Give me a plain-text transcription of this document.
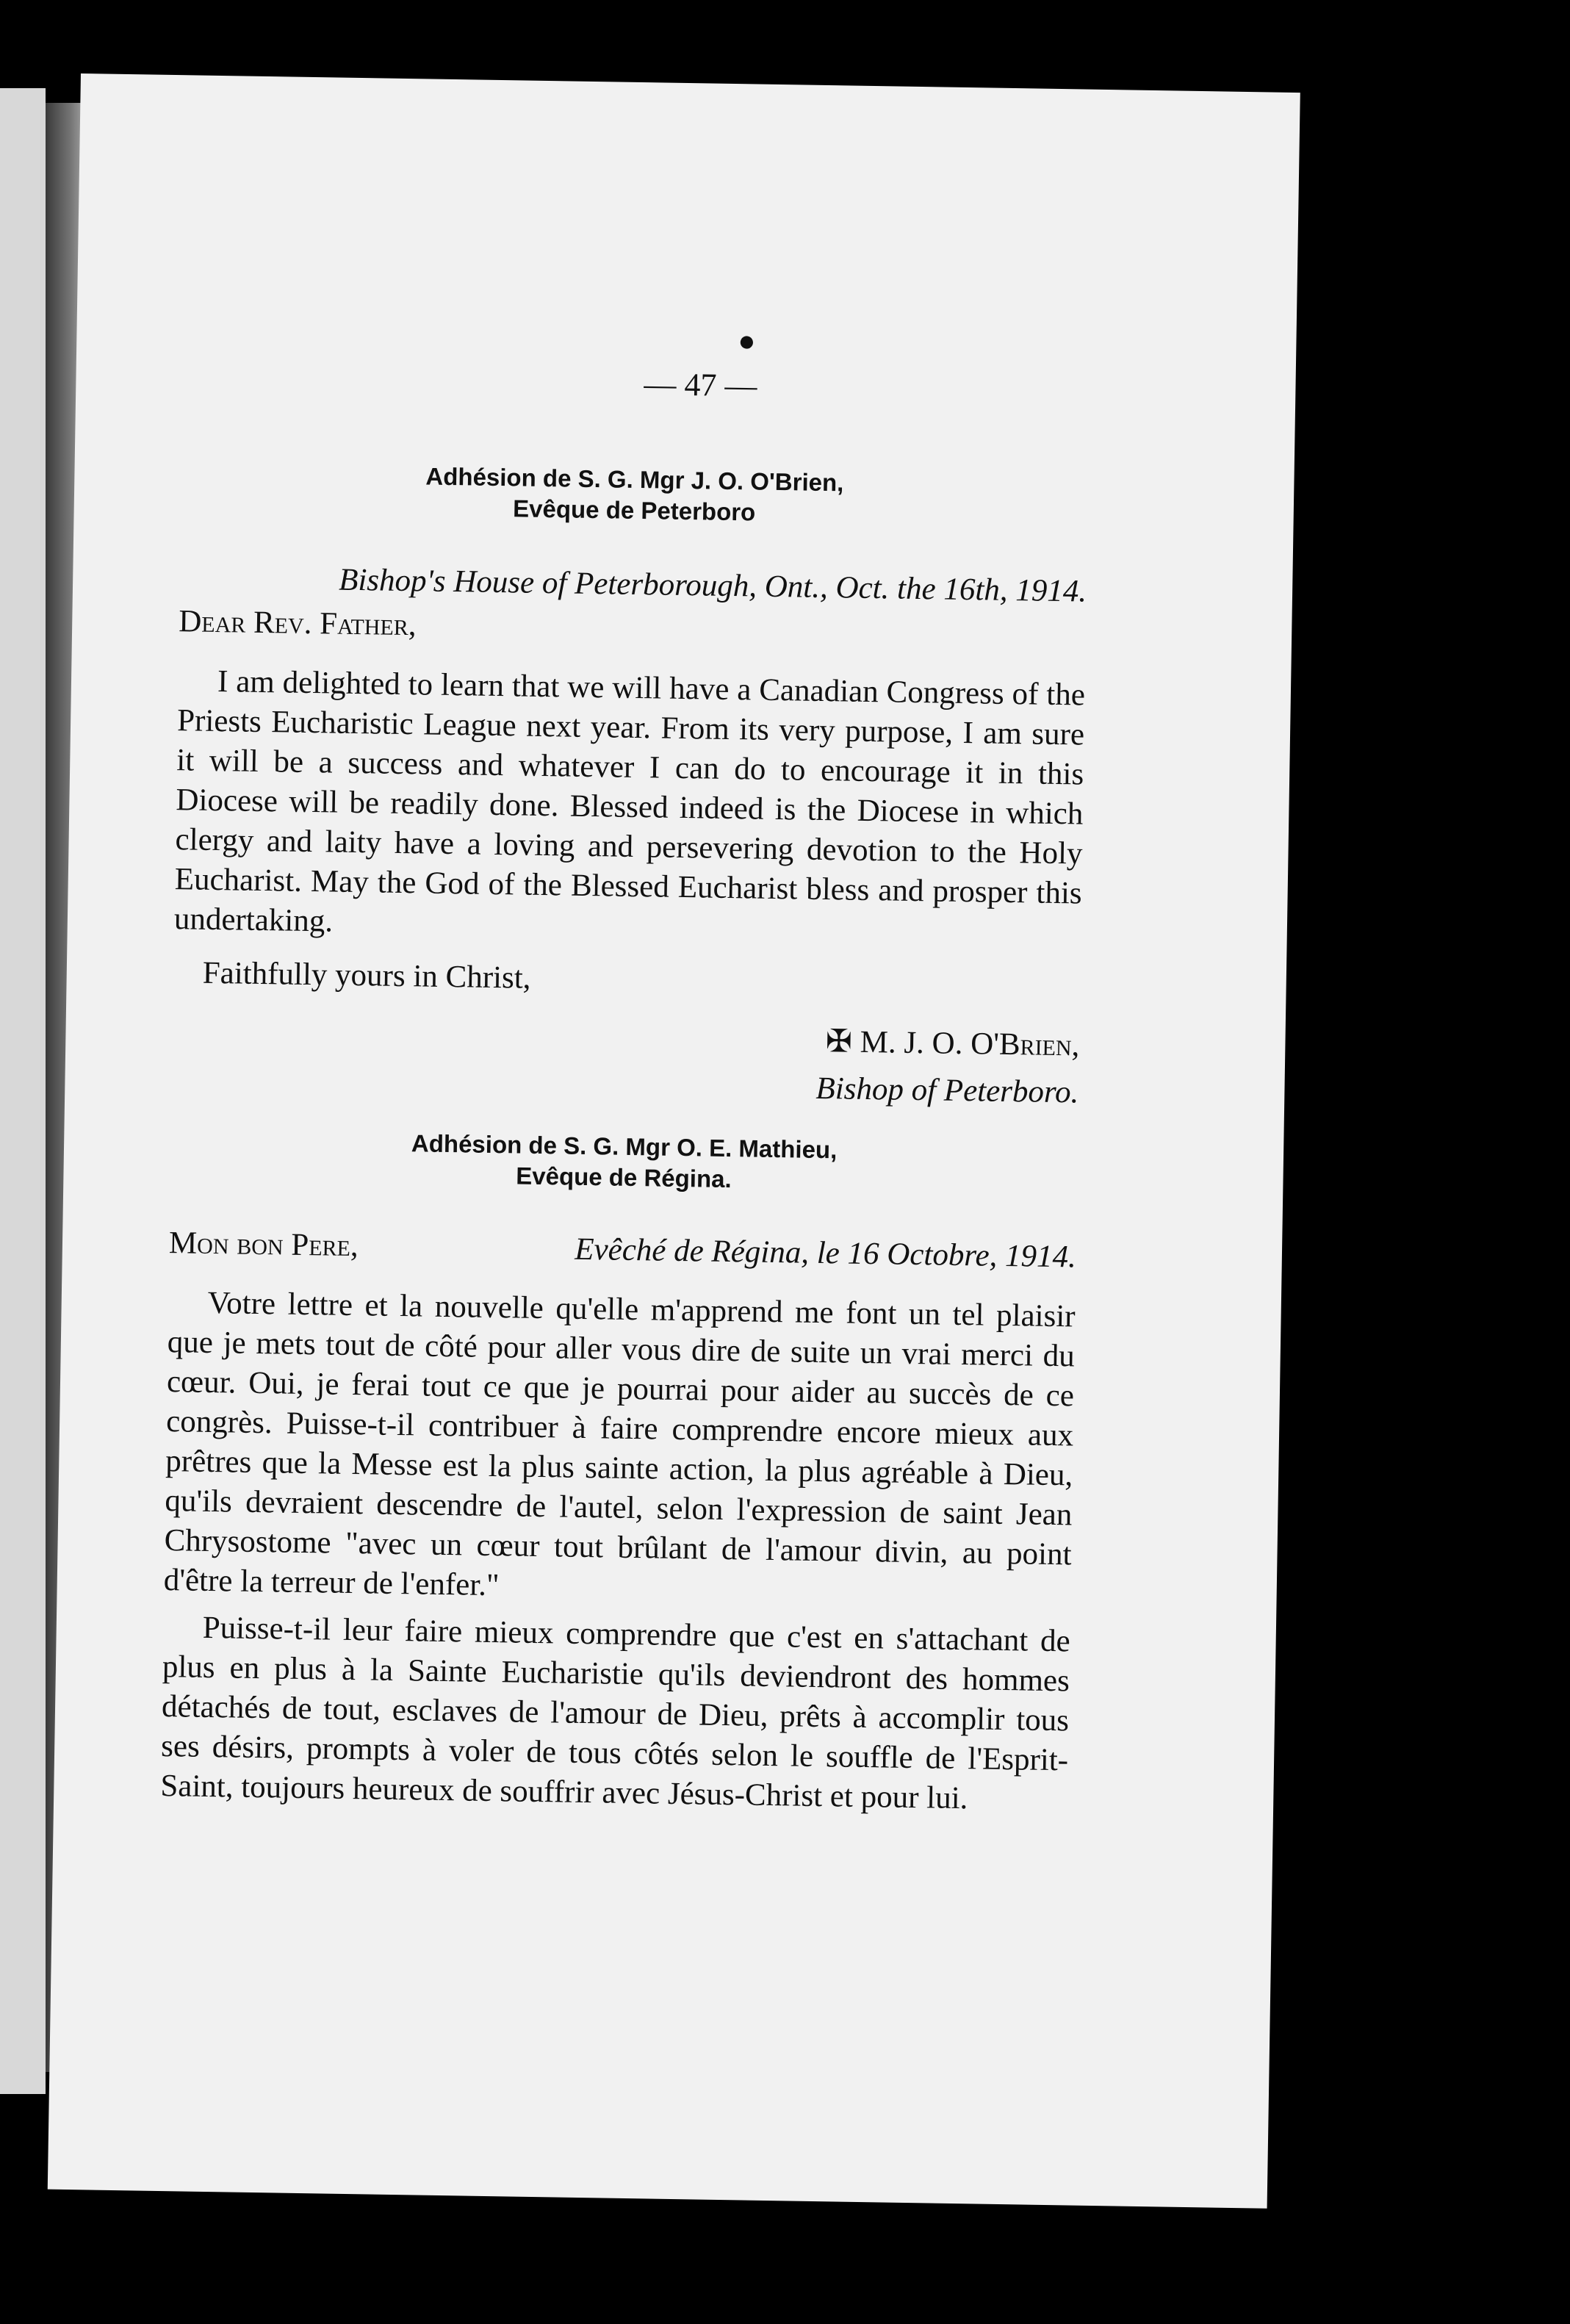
●
— 47 —

Adhésion de S. G. Mgr J. O. O'Brien,
Evêque de Peterboro

Bishop's House of Peterborough, Ont., Oct. the 16th, 1914.

Dear Rev. Father,

I am delighted to learn that we will have a Canadian Congress of the Priests Eucharistic League next year. From its very purpose, I am sure it will be a success and whatever I can do to encourage it in this Diocese will be readily done. Blessed indeed is the Diocese in which clergy and laity have a loving and persevering devotion to the Holy Eucharist. May the God of the Blessed Eucharist bless and prosper this undertaking.

Faithfully yours in Christ,

✠ M. J. O. O'Brien,

Bishop of Peterboro.

Adhésion de S. G. Mgr O. E. Mathieu,
Evêque de Régina.

Mon bon Pere,	Evêché de Régina, le 16 Octobre, 1914.

Votre lettre et la nouvelle qu'elle m'apprend me font un tel plaisir que je mets tout de côté pour aller vous dire de suite un vrai merci du cœur. Oui, je ferai tout ce que je pourrai pour aider au succès de ce congrès. Puisse-t-il contribuer à faire comprendre encore mieux aux prêtres que la Messe est la plus sainte action, la plus agréable à Dieu, qu'ils devraient descendre de l'autel, selon l'expression de saint Jean Chrysostome "avec un cœur tout brûlant de l'amour divin, au point d'être la terreur de l'enfer."

Puisse-t-il leur faire mieux comprendre que c'est en s'attachant de plus en plus à la Sainte Eucharistie qu'ils deviendront des hommes détachés de tout, esclaves de l'amour de Dieu, prêts à accomplir tous ses désirs, prompts à voler de tous côtés selon le souffle de l'Esprit-Saint, toujours heureux de souffrir avec Jésus-Christ et pour lui.
